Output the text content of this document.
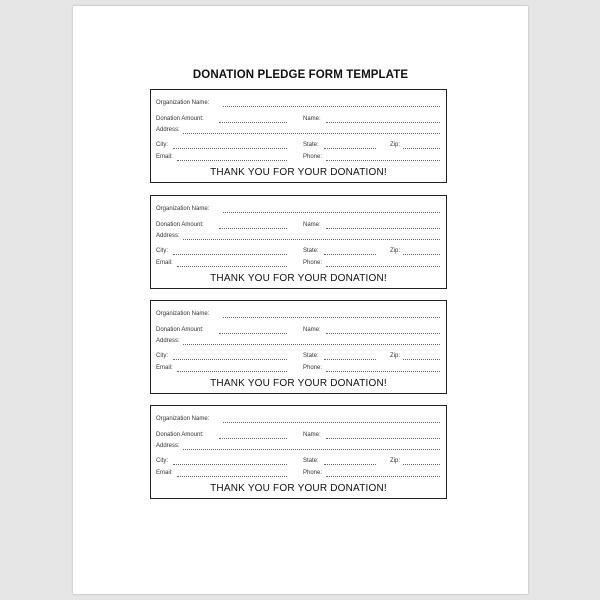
DONATION PLEDGE FORM TEMPLATE
Organization Name:
Donation Amount:	Name:
Address:
City:	State:	Zip:
Email:	Phone:
THANK YOU FOR YOUR DONATION!
Organization Name:
Donation Amount:	Name:
Address:
City:	State:	Zip:
Email:	Phone:
THANK YOU FOR YOUR DONATION!
Organization Name:
Donation Amount:	Name:
Address:
City:	State:	Zip:
Email:	Phone:
THANK YOU FOR YOUR DONATION!
Organization Name:
Donation Amount:	Name:
Address:
City:	State:	Zip:
Email:	Phone:
THANK YOU FOR YOUR DONATION!
